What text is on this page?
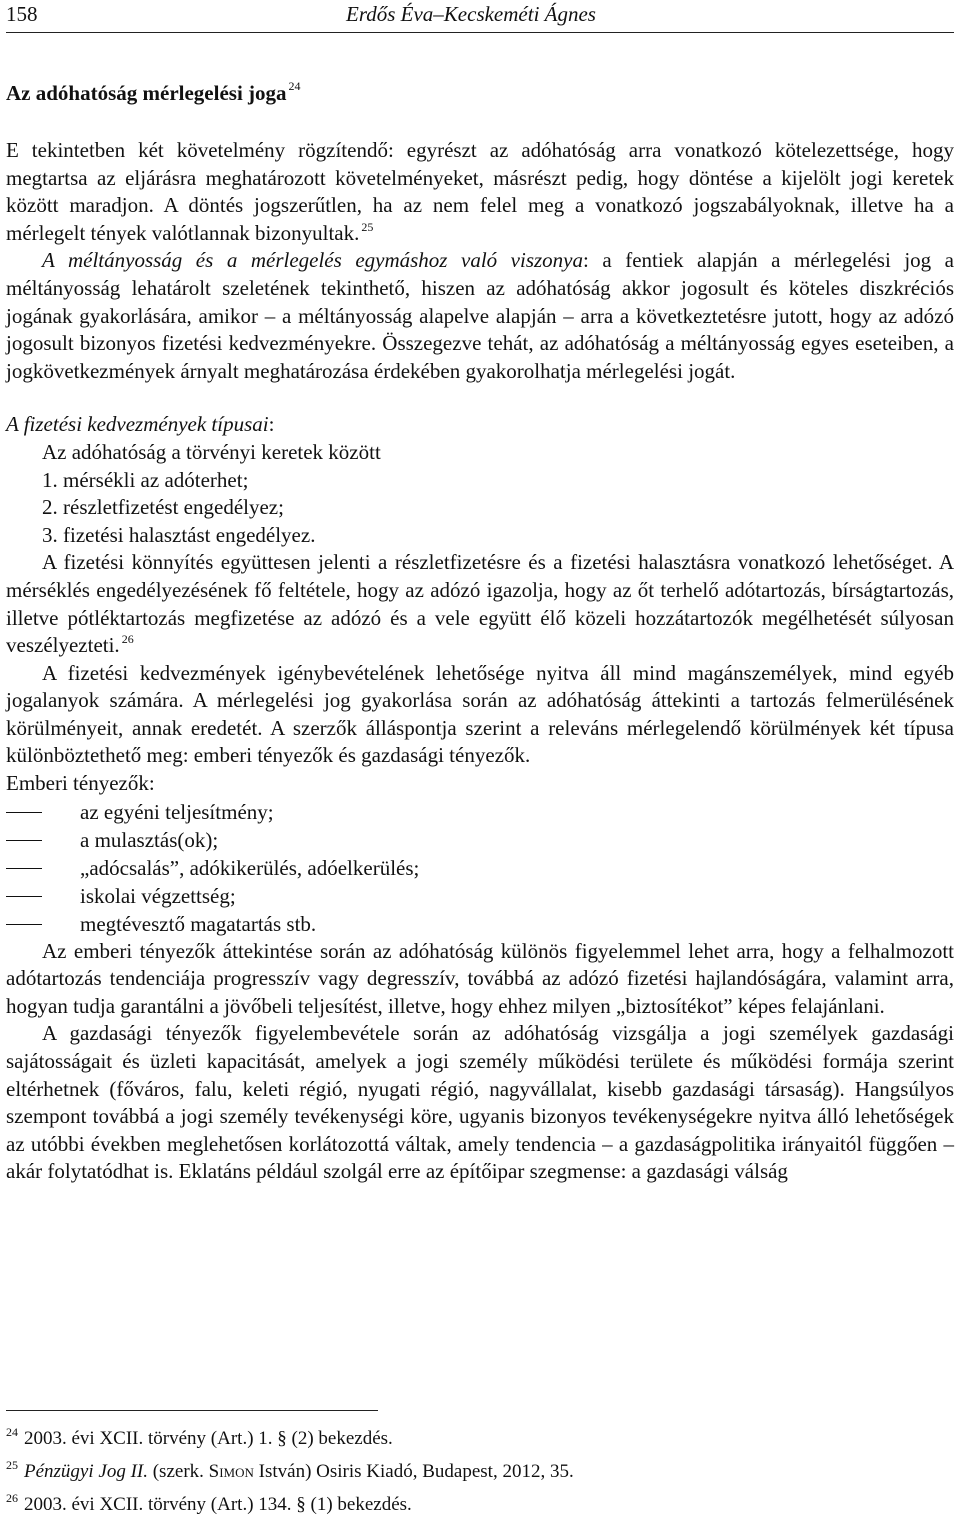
158	Erdős Éva–Kecskeméti Ágnes
Az adóhatóság mérlegelési joga $^{24}$

E tekintetben két követelmény rögzítendő: egyrészt az adóhatóság arra vonatkozó kötelezettsége, hogy megtartsa az eljárásra meghatározott követelményeket, másrészt pedig, hogy döntése a kijelölt jogi keretek között maradjon. A döntés jogszerűtlen, ha az nem felel meg a vonatkozó jogszabályoknak, illetve ha a mérlegelt tények valótlannak bizonyultak. $^{25}$

A méltányosság és a mérlegelés egymáshoz való viszonya: a fentiek alapján a mérlegelési jog a méltányosság lehatárolt szeletének tekinthető, hiszen az adóhatóság akkor jogosult és köteles diszkréciós jogának gyakorlására, amikor – a méltányosság alapelve alapján – arra a következtetésre jutott, hogy az adózó jogosult bizonyos fizetési kedvezményekre. Összegezve tehát, az adóhatóság a méltányosság egyes eseteiben, a jogkövetkezmények árnyalt meghatározása érdekében gyakorolhatja mérlegelési jogát.

A fizetési kedvezmények típusai:

Az adóhatóság a törvényi keretek között
1. mérsékli az adóterhet;
2. részletfizetést engedélyez;
3. fizetési halasztást engedélyez.

A fizetési könnyítés együttesen jelenti a részletfizetésre és a fizetési halasztásra vonatkozó lehetőséget. A mérséklés engedélyezésének fő feltétele, hogy az adózó igazolja, hogy az őt terhelő adótartozás, bírságtartozás, illetve pótléktartozás megfizetése az adózó és a vele együtt élő közeli hozzátartozók megélhetését súlyosan veszélyezteti. $^{26}$

A fizetési kedvezmények igénybevételének lehetősége nyitva áll mind magánszemélyek, mind egyéb jogalanyok számára. A mérlegelési jog gyakorlása során az adóhatóság áttekinti a tartozás felmerülésének körülményeit, annak eredetét. A szerzők álláspontja szerint a releváns mérlegelendő körülmények két típusa különböztethető meg: emberi tényezők és gazdasági tényezők.

Emberi tényezők:

az egyéni teljesítmény;
a mulasztás(ok);
„adócsalás”, adókikerülés, adóelkerülés;
iskolai végzettség;
megtévesztő magatartás stb.

Az emberi tényezők áttekintése során az adóhatóság különös figyelemmel lehet arra, hogy a felhalmozott adótartozás tendenciája progresszív vagy degresszív, továbbá az adózó fizetési hajlandóságára, valamint arra, hogyan tudja garantálni a jövőbeli teljesítést, illetve, hogy ehhez milyen „biztosítékot” képes felajánlani.

A gazdasági tényezők figyelembevétele során az adóhatóság vizsgálja a jogi személyek gazdasági sajátosságait és üzleti kapacitását, amelyek a jogi személy működési területe és működési formája szerint eltérhetnek (főváros, falu, keleti régió, nyugati régió, nagyvállalat, kisebb gazdasági társaság). Hangsúlyos szempont továbbá a jogi személy tevékenységi köre, ugyanis bizonyos tevékenységekre nyitva álló lehetőségek az utóbbi években meglehetősen korlátozottá váltak, amely tendencia – a gazdaságpolitika irányaitól függően – akár folytatódhat is. Eklatáns például szolgál erre az építőipar szegmense: a gazdasági válság

$^{24}$ 2003. évi XCII. törvény (Art.) 1. § (2) bekezdés.
$^{25}$ Pénzügyi Jog II. (szerk. Simon István) Osiris Kiadó, Budapest, 2012, 35.
$^{26}$ 2003. évi XCII. törvény (Art.) 134. § (1) bekezdés.
